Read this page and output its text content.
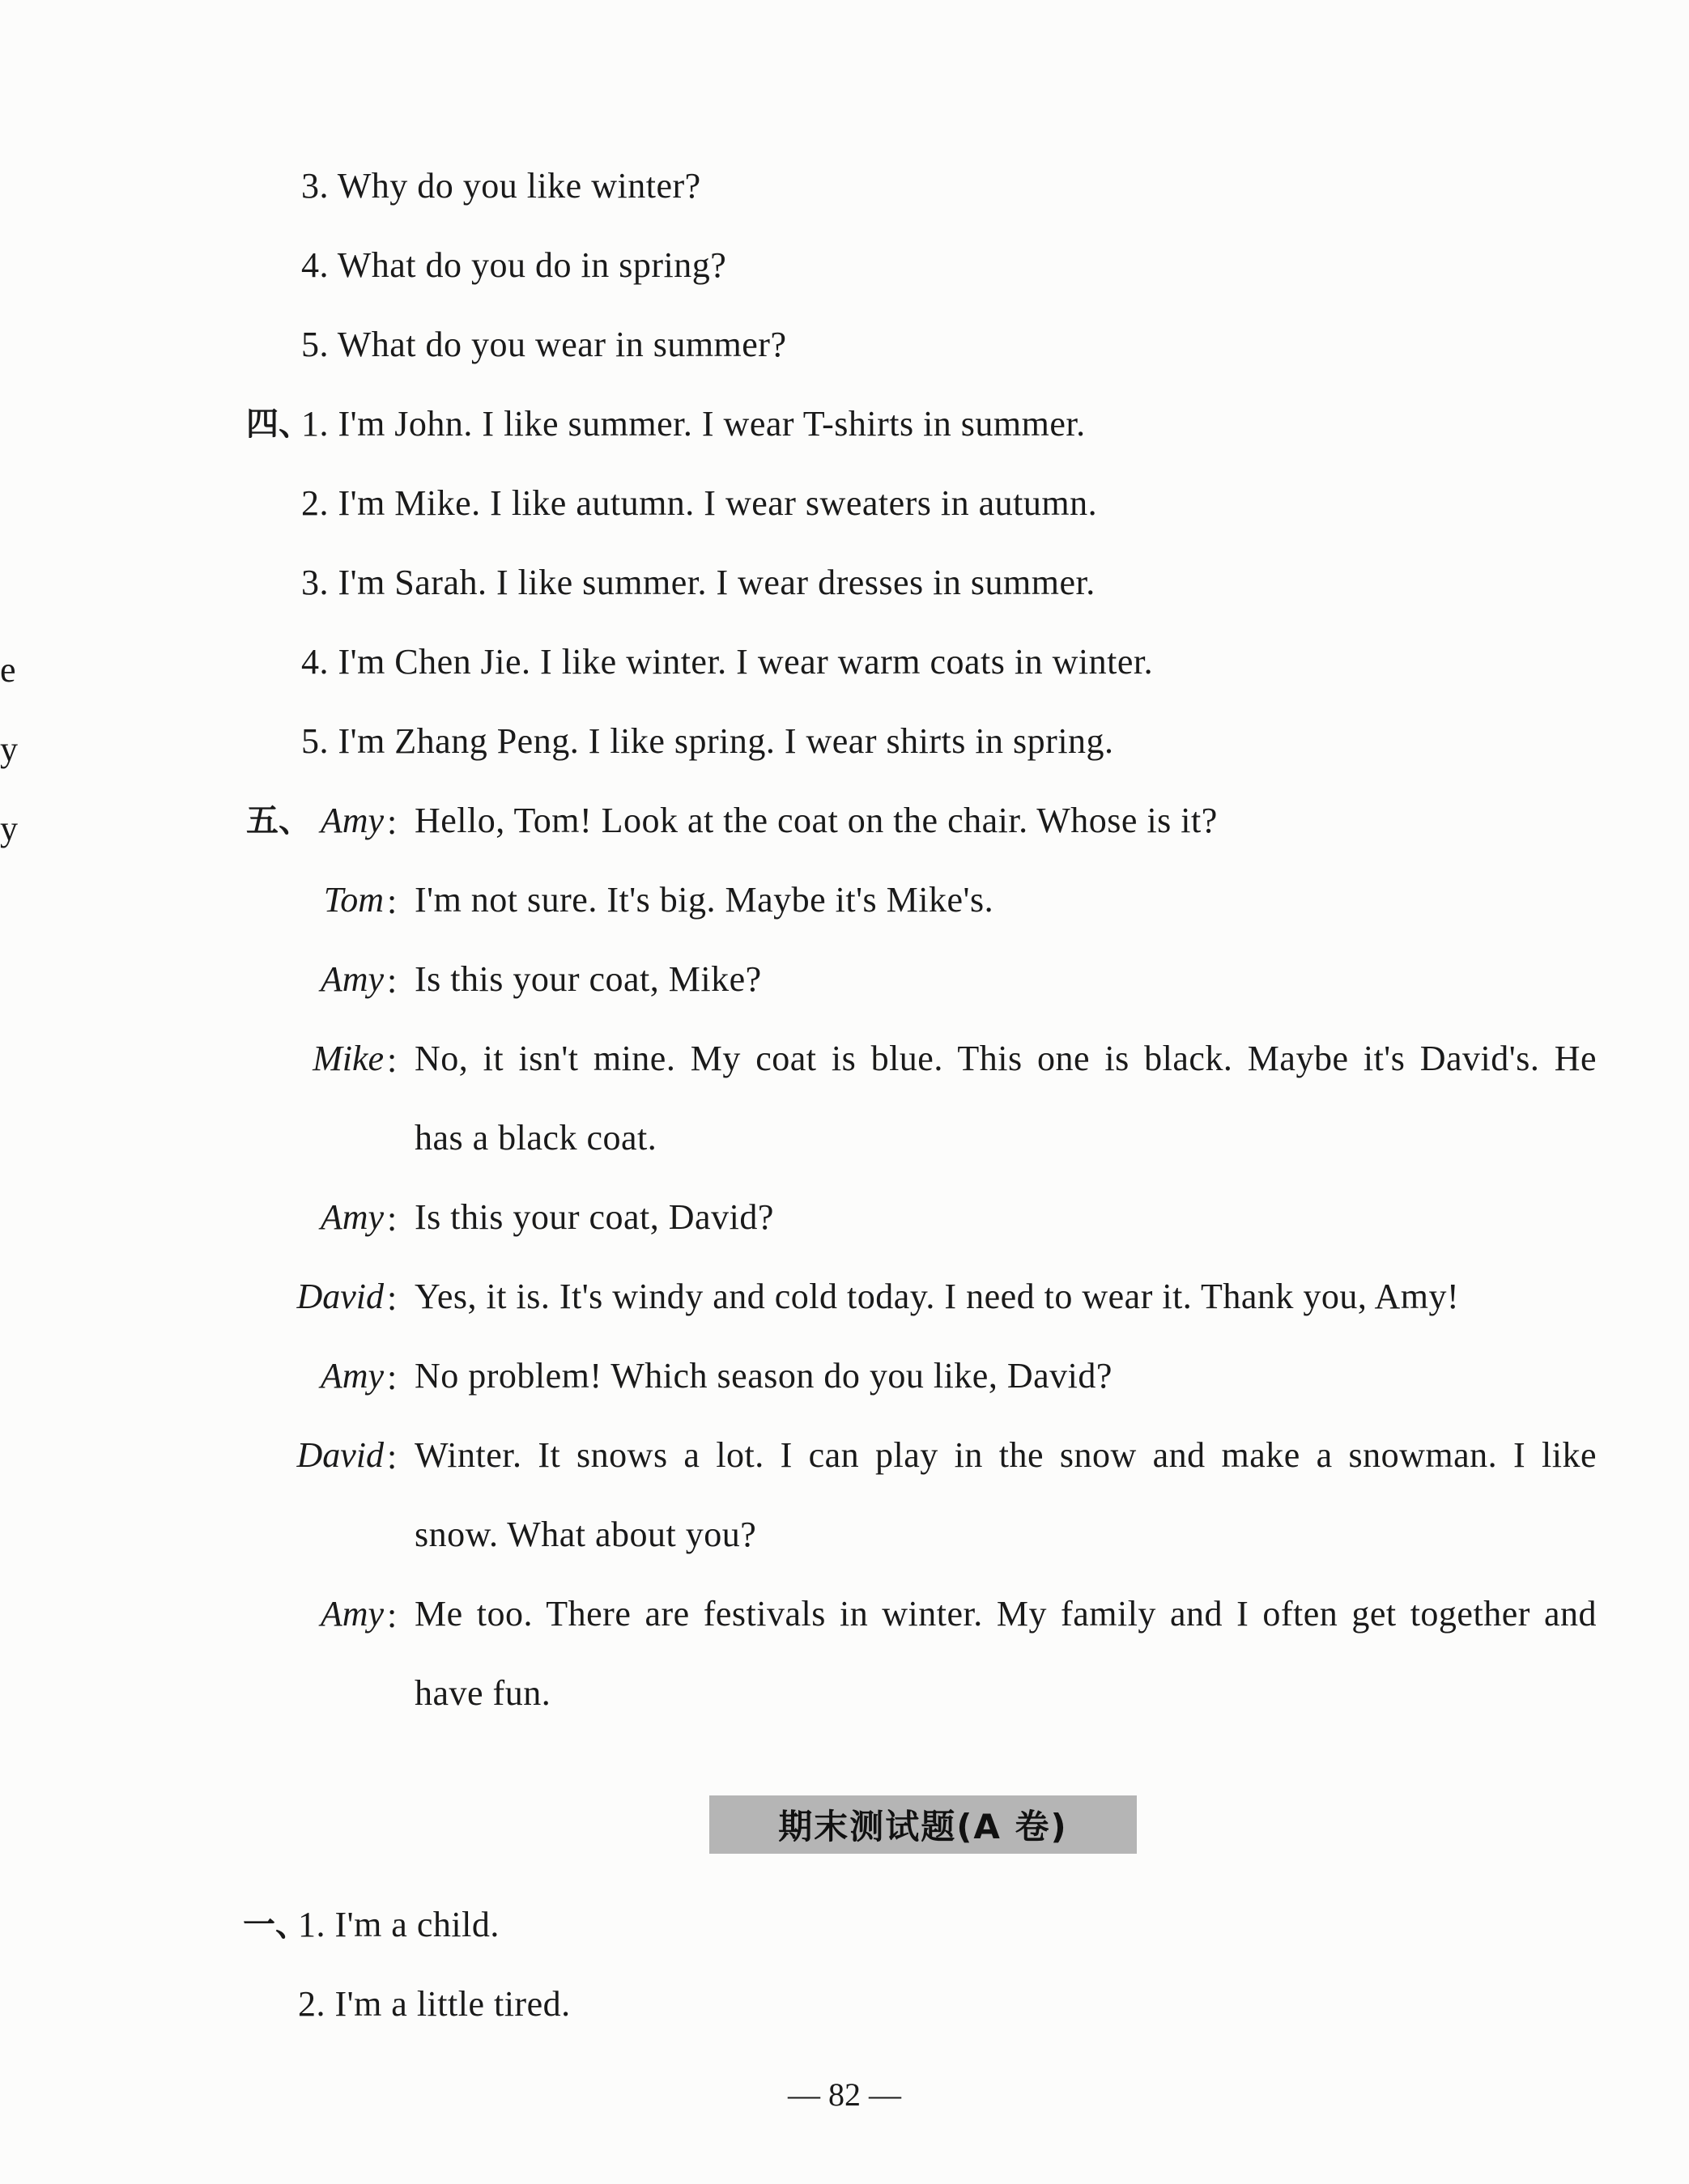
e
y
y
3. Why do you like winter?
4. What do you do in spring?
5. What do you wear in summer?
四、
1. I'm John. I like summer. I wear T-shirts in summer.
2. I'm Mike. I like autumn. I wear sweaters in autumn.
3. I'm Sarah. I like summer. I wear dresses in summer.
4. I'm Chen Jie. I like winter. I wear warm coats in winter.
5. I'm Zhang Peng. I like spring. I wear shirts in spring.
五、 Amy : Hello, Tom! Look at the coat on the chair. Whose is it?
Tom : I'm not sure. It's big. Maybe it's Mike's.
Amy : Is this your coat, Mike?
Mike : No, it isn't mine. My coat is blue. This one is black. Maybe it's David's. He
has a black coat.
Amy : Is this your coat, David?
David : Yes, it is. It's windy and cold today. I need to wear it. Thank you, Amy!
Amy : No problem! Which season do you like, David?
David : Winter. It snows a lot. I can play in the snow and make a snowman. I like
snow. What about you?
Amy : Me too. There are festivals in winter. My family and I often get together and
have fun.
期末测试题(A 卷)
一、
1. I'm a child.
2. I'm a little tired.
— 82 —
